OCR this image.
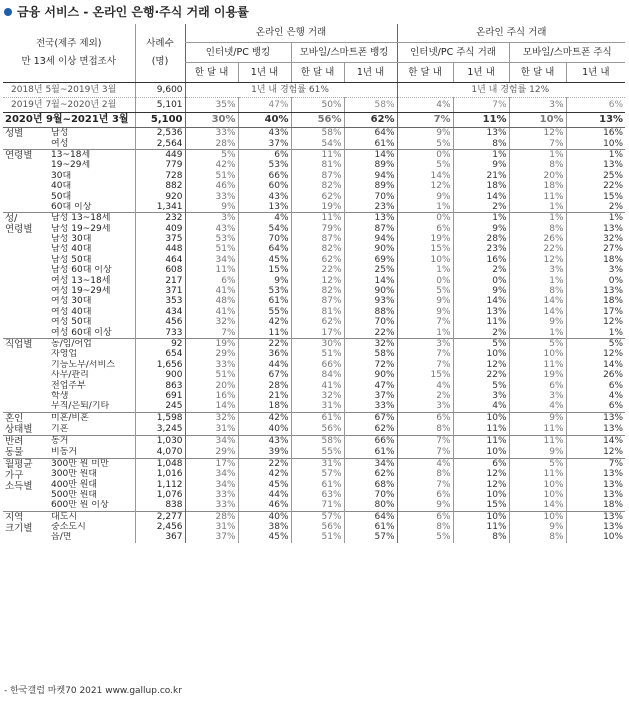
금융 서비스 - 온라인 은행·주식 거래 이용률
전국(제주 제외)
만 13세 이상 면접조사		사례수
(명)	온라인 은행 거래				온라인 주식 거래			
			인터넷/PC 뱅킹		모바일/스마트폰 뱅킹		인터넷/PC 주식 거래		모바일/스마트폰 주식	
			한 달 내	1년 내	한 달 내	1년 내	한 달 내	1년 내	한 달 내	1년 내
2018년 5월~2019년 3월		9,600	1년 내 경험률 61%				1년 내 경험률 12%			
2019년 7월~2020년 2월		5,101	35%	47%	50%	58%	4%	7%	3%	6%
2020년 9월~2021년 3월		5,100	30%	40%	56%	62%	7%	11%	10%	13%
성별	남성	2,536	33%	43%	58%	64%	9%	13%	12%	16%
	여성	2,564	28%	37%	54%	61%	5%	8%	7%	10%
연령별	13~18세	449	5%	6%	11%	14%	0%	1%	1%	1%
	19~29세	779	42%	53%	81%	89%	5%	9%	8%	13%
	30대	728	51%	66%	87%	94%	14%	21%	20%	25%
	40대	882	46%	60%	82%	89%	12%	18%	18%	22%
	50대	920	33%	43%	62%	70%	9%	14%	11%	15%
	60대 이상	1,341	9%	13%	19%	23%	1%	2%	1%	2%
성/
연령별	남성 13~18세	232	3%	4%	11%	13%	0%	1%	1%	1%
	남성 19~29세	409	43%	54%	79%	87%	6%	9%	8%	13%
	남성 30대	375	53%	70%	87%	94%	19%	28%	26%	32%
	남성 40대	448	51%	64%	82%	90%	15%	23%	22%	27%
	남성 50대	464	34%	45%	62%	69%	10%	16%	12%	18%
	남성 60대 이상	608	11%	15%	22%	25%	1%	2%	3%	3%
	여성 13~18세	217	6%	9%	12%	14%	0%	0%	1%	0%
	여성 19~29세	371	41%	53%	82%	90%	5%	9%	8%	13%
	여성 30대	353	48%	61%	87%	93%	9%	14%	14%	18%
	여성 40대	434	41%	55%	81%	88%	9%	13%	14%	17%
	여성 50대	456	32%	42%	62%	70%	7%	11%	9%	12%
	여성 60대 이상	733	7%	11%	17%	22%	1%	2%	1%	1%
직업별	농/임/어업	92	19%	22%	30%	32%	3%	5%	5%	5%
	자영업	654	29%	36%	51%	58%	7%	10%	10%	12%
	기능노무/서비스	1,656	33%	44%	66%	72%	7%	12%	11%	14%
	사무/관리	900	51%	67%	84%	90%	15%	22%	19%	26%
	전업주부	863	20%	28%	41%	47%	4%	5%	6%	6%
	학생	691	16%	21%	32%	37%	2%	3%	3%	4%
	무직/은퇴/기타	245	14%	18%	31%	33%	3%	4%	4%	6%
혼인
상태별	미혼/비혼	1,598	32%	42%	61%	67%	6%	10%	9%	13%
	기혼	3,245	31%	40%	56%	62%	8%	11%	11%	13%
반려
동물	동거	1,030	34%	43%	58%	66%	7%	11%	11%	14%
	비동거	4,070	29%	39%	55%	61%	7%	10%	9%	12%
월평균
가구
소득별	300만 원 미만	1,048	17%	22%	31%	34%	4%	6%	5%	7%
	300만 원대	1,016	34%	42%	57%	62%	8%	12%	11%	13%
	400만 원대	1,112	34%	45%	61%	68%	7%	12%	10%	13%
	500만 원대	1,076	33%	44%	63%	70%	6%	10%	10%	13%
	600만 원 이상	838	33%	46%	71%	80%	9%	15%	14%	18%
지역
크기별	대도시	2,277	28%	40%	57%	64%	6%	10%	10%	13%
	중소도시	2,456	31%	38%	56%	61%	8%	11%	9%	13%
	읍/면	367	37%	45%	51%	57%	5%	8%	8%	10%
- 한국갤럽 마켓70 2021 www.gallup.co.kr
